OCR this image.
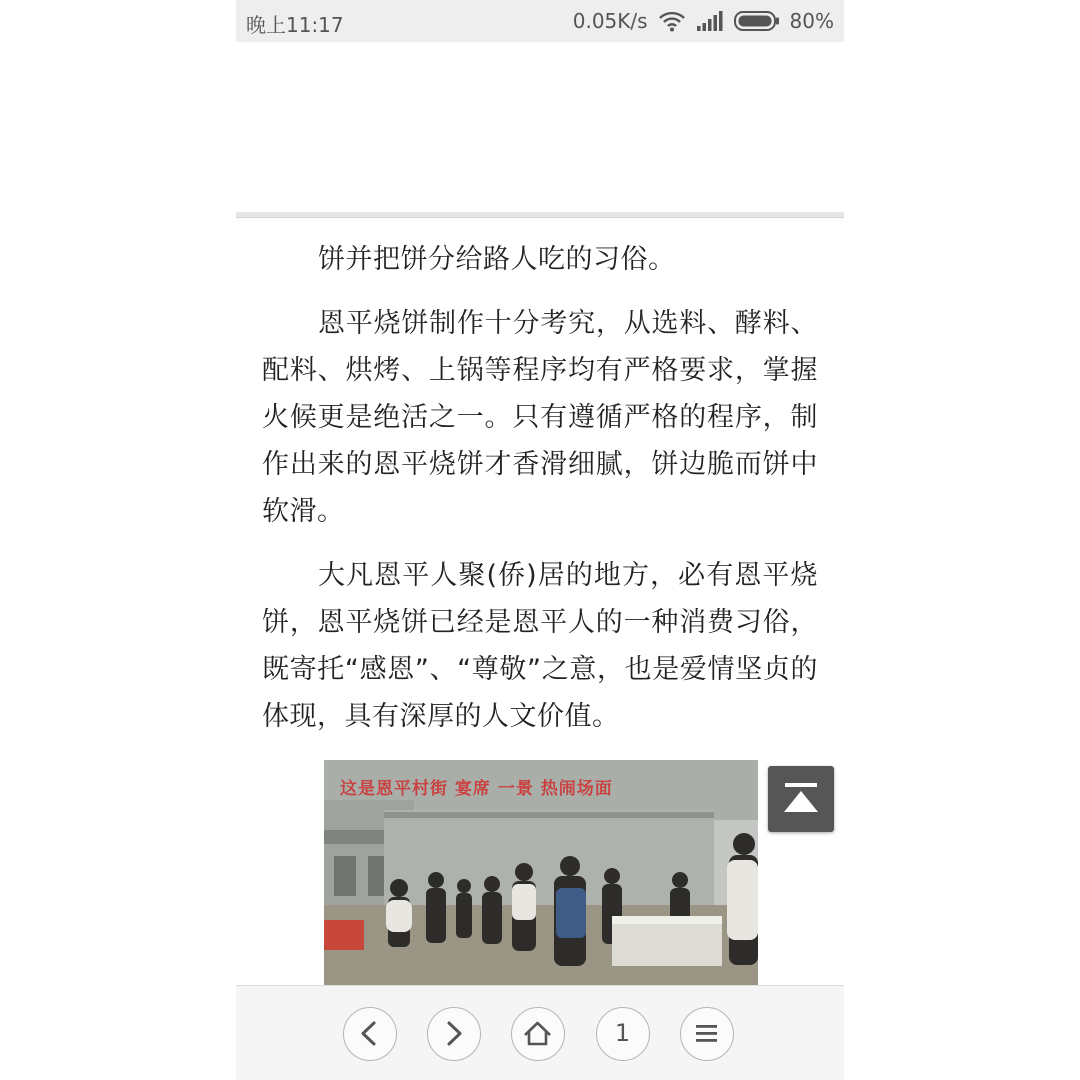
晚上11:17	0.05K/s	80%

饼并把饼分给路人吃的习俗。

恩平烧饼制作十分考究，从选料、酵料、配料、烘烤、上锅等程序均有严格要求，掌握火候更是绝活之一。只有遵循严格的程序，制作出来的恩平烧饼才香滑细腻，饼边脆而饼中软滑。

大凡恩平人聚(侨)居的地方，必有恩平烧饼，恩平烧饼已经是恩平人的一种消费习俗，既寄托“感恩”、“尊敬”之意，也是爱情坚贞的体现，具有深厚的人文价值。

这是恩平村街 宴席 一景 热闹场面
1
